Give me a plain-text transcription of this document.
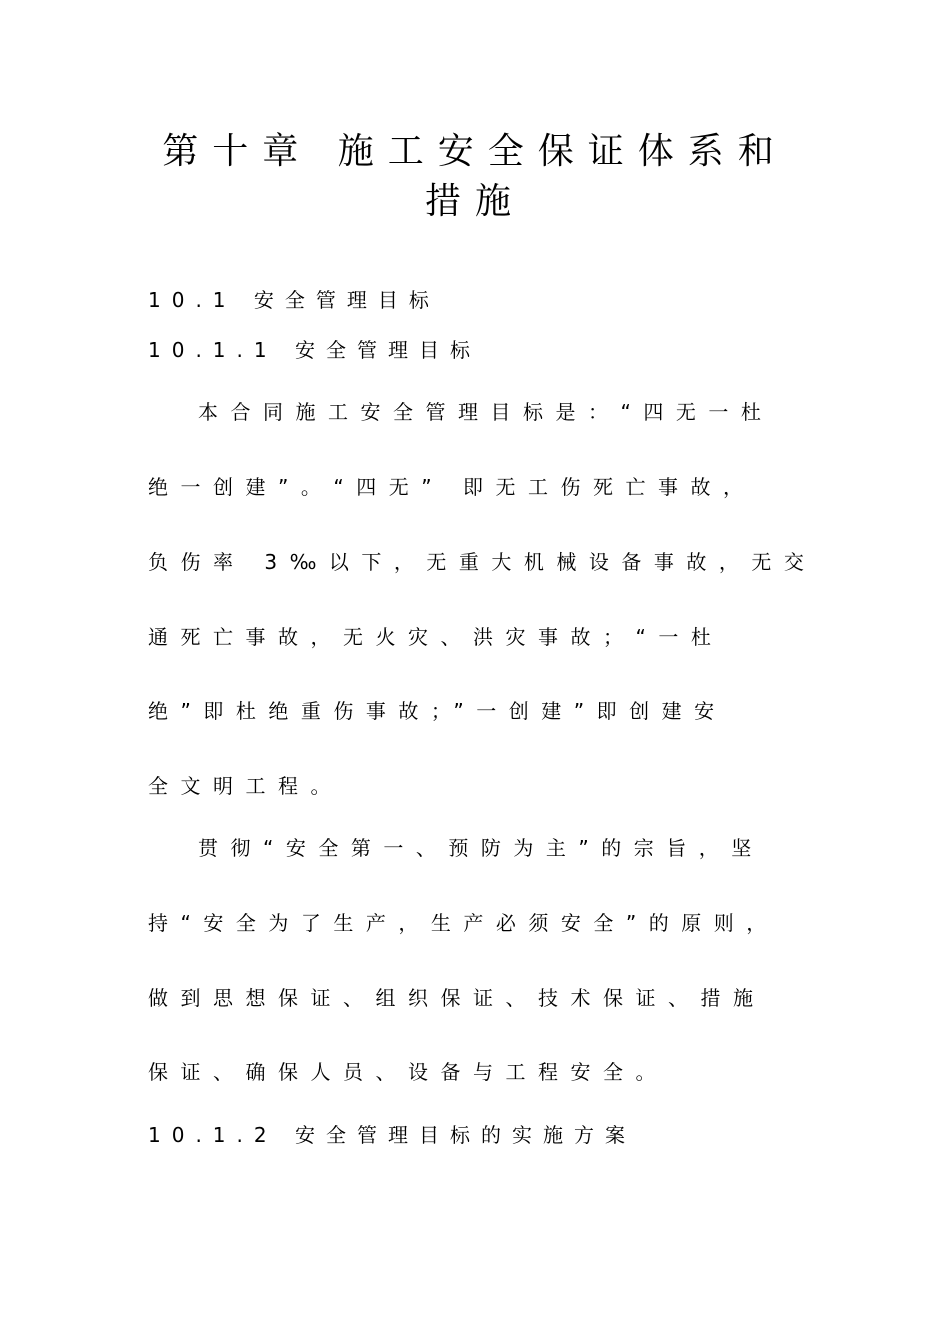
第十章 施工安全保证体系和
措施
10.1 安全管理目标
10.1.1 安全管理目标
本合同施工安全管理目标是：“四无一杜
绝一创建”。“四无” 即无工伤死亡事故，
负伤率 3‰以下，无重大机械设备事故，无交
通死亡事故，无火灾、洪灾事故；“一杜
绝”即杜绝重伤事故；”一创建”即创建安
全文明工程。
贯彻“安全第一、预防为主”的宗旨，坚
持“安全为了生产，生产必须安全”的原则，
做到思想保证、组织保证、技术保证、措施
保证、确保人员、设备与工程安全。
10.1.2 安全管理目标的实施方案
